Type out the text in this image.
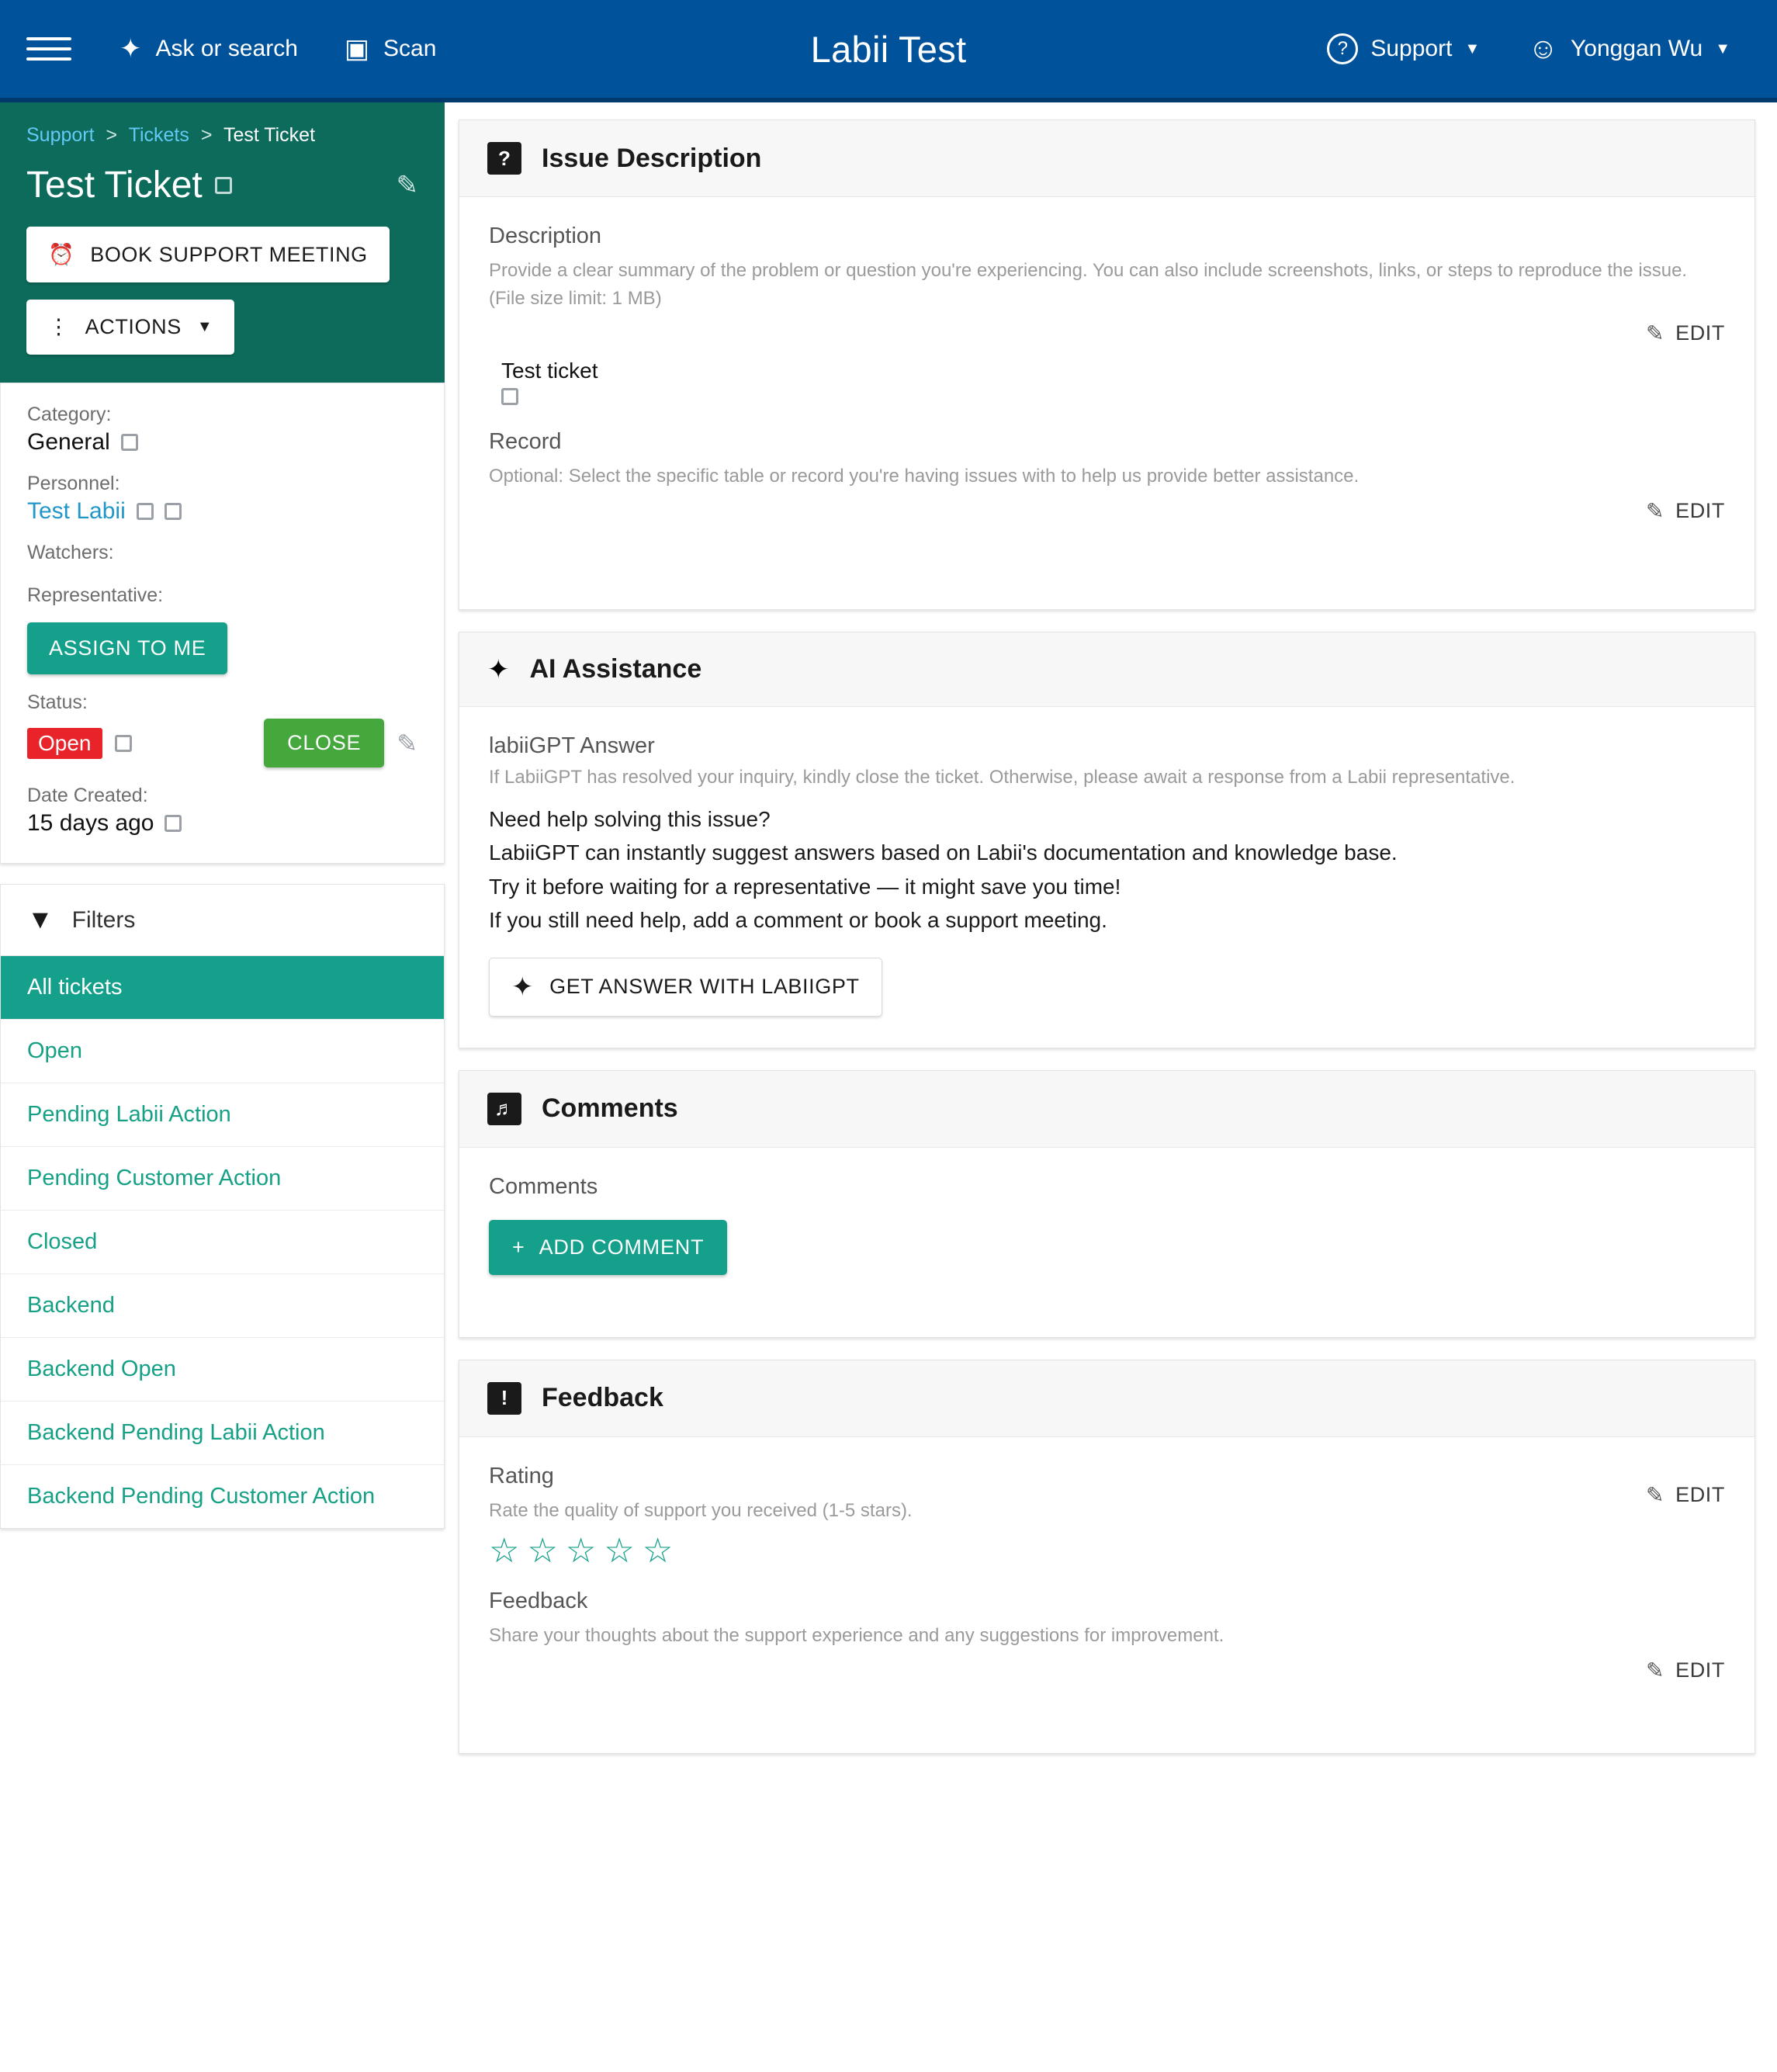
✦ Ask or search ▣ Scan	Labii Test	? Support ▼ ☺ Yonggan Wu ▼
Support > Tickets > Test Ticket
Test Ticket	✎
⏰ BOOK SUPPORT MEETING

⋮ ACTIONS ▼
Category:
General
Personnel:
Test Labii
Watchers:
Representative:
ASSIGN TO ME
Status:
Open	CLOSE	✎
Date Created:
15 days ago
▼ Filters
All tickets
Open
Pending Labii Action
Pending Customer Action
Closed
Backend
Backend Open
Backend Pending Labii Action
Backend Pending Customer Action
?	Issue Description
Description
Provide a clear summary of the problem or question you're experiencing. You can also include screenshots, links, or steps to reproduce the issue. (File size limit: 1 MB)
✎ EDIT
Test ticket
Record
Optional: Select the specific table or record you're having issues with to help us provide better assistance.
✎ EDIT
✦ AI Assistance
labiiGPT Answer
If LabiiGPT has resolved your inquiry, kindly close the ticket. Otherwise, please await a response from a Labii representative.
Need help solving this issue?
LabiiGPT can instantly suggest answers based on Labii's documentation and knowledge base.
Try it before waiting for a representative — it might save you time!
If you still need help, add a comment or book a support meeting.
✦ GET ANSWER WITH LABIIGPT
♬ Comments
Comments
+ ADD COMMENT
!	Feedback
Rating
Rate the quality of support you received (1-5 stars).
☆ ☆ ☆ ☆ ☆
✎ EDIT
Feedback
Share your thoughts about the support experience and any suggestions for improvement.
✎ EDIT
